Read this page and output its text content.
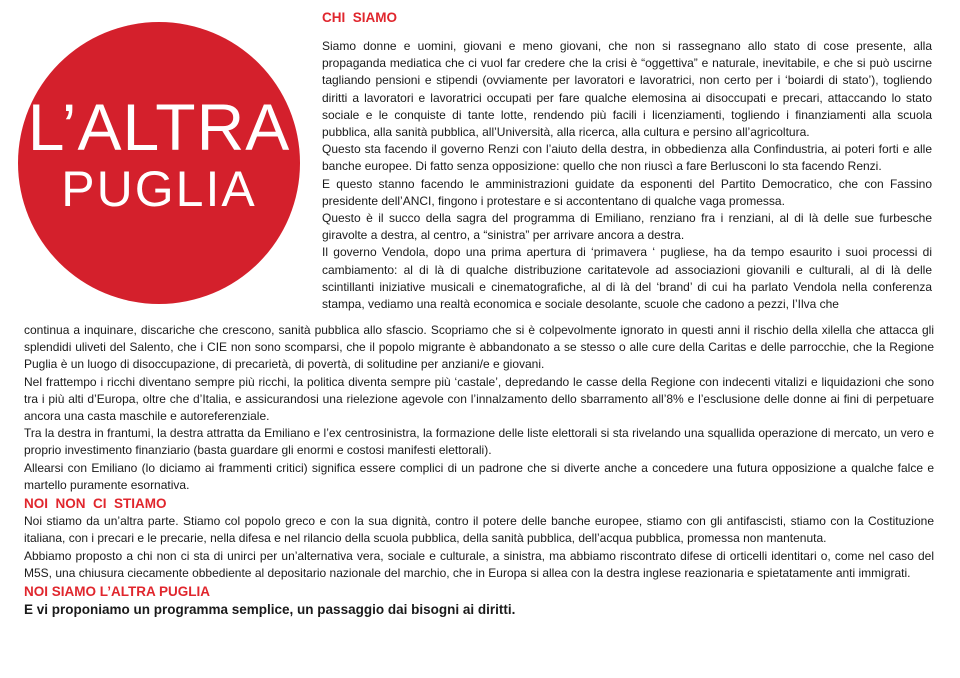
L’ALTRA
PUGLIA
CHI  SIAMO

Siamo donne e uomini, giovani e meno giovani, che non si rassegnano allo stato di cose presente, alla propaganda mediatica che ci vuol far credere che la crisi è “oggettiva” e naturale, inevitabile, e che si può uscirne tagliando pensioni e stipendi (ovviamente per lavoratori e lavoratrici, non certo per i ‘boiardi di stato’), togliendo diritti a lavoratori e lavoratrici occupati per fare qualche elemosina ai disoccupati e precari, attaccando lo stato sociale e le conquiste di tante lotte, rendendo più facili i licenziamenti, togliendo i finanziamenti alla scuola pubblica, alla sanità pubblica, all’Università, alla ricerca, alla cultura e persino all’agricoltura.

Questo sta facendo il governo Renzi con l’aiuto della destra, in obbedienza alla Confindustria, ai poteri forti e alle banche europee. Di fatto senza opposizione: quello che non riuscì a fare Berlusconi lo sta facendo Renzi.

E questo stanno facendo le amministrazioni guidate da esponenti del Partito Democratico, che con Fassino presidente dell’ANCI, fingono i protestare e si accontentano di qualche vaga promessa.

Questo è il succo della sagra del programma di Emiliano, renziano fra i renziani, al di là delle sue furbesche giravolte a destra, al centro, a “sinistra” per arrivare ancora a destra.

Il governo Vendola, dopo una prima apertura di ‘primavera ‘ pugliese, ha da tempo esaurito i suoi processi di cambiamento: al di là di qualche distribuzione caritatevole ad associazioni giovanili e culturali, al di là delle scintillanti iniziative musicali e cinematografiche, al di là del ‘brand’ di cui ha parlato Vendola nella conferenza stampa, vediamo una realtà economica e sociale desolante, scuole che cadono a pezzi, l’Ilva che

continua a inquinare, discariche che crescono, sanità pubblica allo sfascio. Scopriamo che si è colpevolmente ignorato in questi anni il rischio della xilella che attacca gli splendidi uliveti del Salento, che i CIE non sono scomparsi, che il popolo migrante è abbandonato a se stesso o alle cure della Caritas e delle parrocchie, che la Regione Puglia è un luogo di disoccupazione, di precarietà, di povertà, di solitudine per anziani/e e giovani.

Nel frattempo i ricchi diventano sempre più ricchi, la politica diventa sempre più ‘castale’, depredando le casse della Regione con indecenti vitalizi e liquidazioni che sono tra i più alti d’Europa, oltre che d’Italia, e assicurandosi una rielezione agevole con l’innalzamento dello sbarramento all’8% e l’esclusione delle donne ai fini di perpetuare ancora una casta maschile e autoreferenziale.

Tra la destra in frantumi, la destra attratta da Emiliano e l’ex centrosinistra, la formazione delle liste elettorali si sta rivelando una squallida operazione di mercato, un vero e proprio investimento finanziario (basta guardare gli enormi e costosi manifesti elettorali).

Allearsi con Emiliano (lo diciamo ai frammenti critici) significa essere complici di un padrone che si diverte anche a concedere una futura opposizione a qualche falce e martello puramente esornativa.

NOI  NON  CI  STIAMO

Noi stiamo da un’altra parte. Stiamo col popolo greco e con la sua dignità, contro il potere delle banche europee, stiamo con gli antifascisti, stiamo con la Costituzione italiana, con i precari e le precarie, nella difesa e nel rilancio della scuola pubblica, della sanità pubblica, dell’acqua pubblica, promessa non mantenuta.

Abbiamo proposto a chi non ci sta di unirci per un’alternativa vera, sociale e culturale, a sinistra, ma abbiamo riscontrato difese di orticelli identitari o, come nel caso del M5S, una chiusura ciecamente obbediente al depositario nazionale del marchio, che in Europa si allea con la destra inglese reazionaria e spietatamente anti immigrati.

NOI SIAMO L’ALTRA PUGLIA

E vi proponiamo un programma semplice, un passaggio dai bisogni ai diritti.
